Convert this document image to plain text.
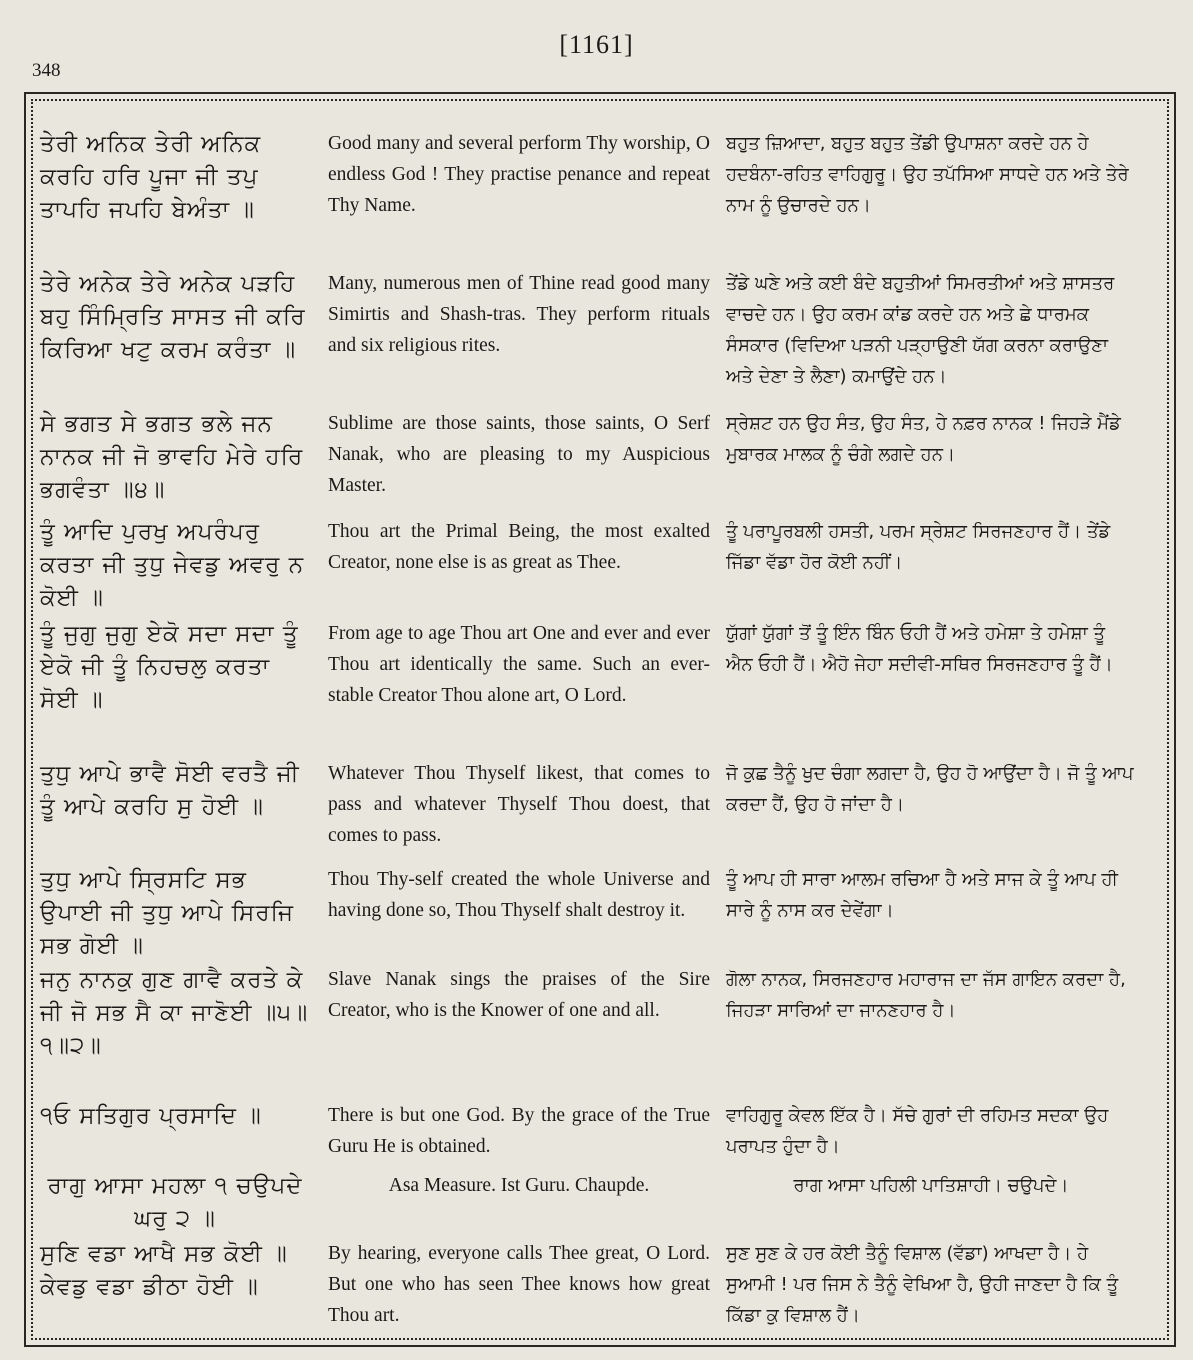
[1161]
348
ਤੇਰੀ ਅਨਿਕ ਤੇਰੀ ਅਨਿਕ ਕਰਹਿ ਹਰਿ ਪੂਜਾ ਜੀ ਤਪੁ ਤਾਪਹਿ ਜਪਹਿ ਬੇਅੰਤਾ ॥
Good many and several perform Thy worship, O endless God ! They practise penance and repeat Thy Name.
ਬਹੁਤ ਜ਼ਿਆਦਾ, ਬਹੁਤ ਬਹੁਤ ਤੇਂਡੀ ਉਪਾਸ਼ਨਾ ਕਰਦੇ ਹਨ ਹੇ ਹਦਬੰਨਾ-ਰਹਿਤ ਵਾਹਿਗੁਰੂ। ਉਹ ਤਪੱਸਿਆ ਸਾਧਦੇ ਹਨ ਅਤੇ ਤੇਰੇ ਨਾਮ ਨੂੰ ਉਚਾਰਦੇ ਹਨ।
ਤੇਰੇ ਅਨੇਕ ਤੇਰੇ ਅਨੇਕ ਪੜਹਿ ਬਹੁ ਸਿੰਮ੍ਰਿਤਿ ਸਾਸਤ ਜੀ ਕਰਿ ਕਿਰਿਆ ਖਟੁ ਕਰਮ ਕਰੰਤਾ ॥
Many, numerous men of Thine read good many Simirtis and Shash-tras. They perform rituals and six religious rites.
ਤੇਂਡੇ ਘਣੇ ਅਤੇ ਕਈ ਬੰਦੇ ਬਹੁਤੀਆਂ ਸਿਮਰਤੀਆਂ ਅਤੇ ਸ਼ਾਸਤਰ ਵਾਚਦੇ ਹਨ। ਉਹ ਕਰਮ ਕਾਂਡ ਕਰਦੇ ਹਨ ਅਤੇ ਛੇ ਧਾਰਮਕ ਸੰਸਕਾਰ (ਵਿਦਿਆ ਪੜਨੀ ਪੜ੍ਹਾਉਣੀ ਯੱਗ ਕਰਨਾ ਕਰਾਉਣਾ ਅਤੇ ਦੇਣਾ ਤੇ ਲੈਣਾ) ਕਮਾਉਂਦੇ ਹਨ।
ਸੇ ਭਗਤ ਸੇ ਭਗਤ ਭਲੇ ਜਨ ਨਾਨਕ ਜੀ ਜੋ ਭਾਵਹਿ ਮੇਰੇ ਹਰਿ ਭਗਵੰਤਾ ॥੪॥
Sublime are those saints, those saints, O Serf Nanak, who are pleasing to my Auspicious Master.
ਸ੍ਰੇਸ਼ਟ ਹਨ ਉਹ ਸੰਤ, ਉਹ ਸੰਤ, ਹੇ ਨਫ਼ਰ ਨਾਨਕ ! ਜਿਹੜੇ ਮੈਂਡੇ ਮੁਬਾਰਕ ਮਾਲਕ ਨੂੰ ਚੰਗੇ ਲਗਦੇ ਹਨ।
ਤੂੰ ਆਦਿ ਪੁਰਖੁ ਅਪਰੰਪਰੁ ਕਰਤਾ ਜੀ ਤੁਧੁ ਜੇਵਡੁ ਅਵਰੁ ਨ ਕੋਈ ॥
Thou art the Primal Being, the most exalted Creator, none else is as great as Thee.
ਤੂੰ ਪਰਾਪੂਰਬਲੀ ਹਸਤੀ, ਪਰਮ ਸ੍ਰੇਸ਼ਟ ਸਿਰਜਣਹਾਰ ਹੈਂ। ਤੇਂਡੇ ਜਿੱਡਾ ਵੱਡਾ ਹੋਰ ਕੋਈ ਨਹੀਂ।
ਤੂੰ ਜੁਗੁ ਜੁਗੁ ਏਕੋ ਸਦਾ ਸਦਾ ਤੂੰ ਏਕੋ ਜੀ ਤੂੰ ਨਿਹਚਲੁ ਕਰਤਾ ਸੋਈ ॥
From age to age Thou art One and ever and ever Thou art identically the same. Such an ever-stable Creator Thou alone art, O Lord.
ਯੁੱਗਾਂ ਯੁੱਗਾਂ ਤੋਂ ਤੂੰ ਇੰਨ ਬਿੰਨ ਓਹੀ ਹੈਂ ਅਤੇ ਹਮੇਸ਼ਾ ਤੇ ਹਮੇਸ਼ਾ ਤੂੰ ਐਨ ਓਹੀ ਹੈਂ। ਐਹੋ ਜੇਹਾ ਸਦੀਵੀ-ਸਥਿਰ ਸਿਰਜਣਹਾਰ ਤੂੰ ਹੈਂ।
ਤੁਧੁ ਆਪੇ ਭਾਵੈ ਸੋਈ ਵਰਤੈ ਜੀ ਤੂੰ ਆਪੇ ਕਰਹਿ ਸੁ ਹੋਈ ॥
Whatever Thou Thyself likest, that comes to pass and whatever Thyself Thou doest, that comes to pass.
ਜੋ ਕੁਛ ਤੈਨੂੰ ਖੁਦ ਚੰਗਾ ਲਗਦਾ ਹੈ, ਉਹ ਹੋ ਆਉਂਦਾ ਹੈ। ਜੋ ਤੂੰ ਆਪ ਕਰਦਾ ਹੈਂ, ਉਹ ਹੋ ਜਾਂਦਾ ਹੈ।
ਤੁਧੁ ਆਪੇ ਸ੍ਰਿਸਟਿ ਸਭ ਉਪਾਈ ਜੀ ਤੁਧੁ ਆਪੇ ਸਿਰਜਿ ਸਭ ਗੋਈ ॥
Thou Thy-self created the whole Universe and having done so, Thou Thyself shalt destroy it.
ਤੂੰ ਆਪ ਹੀ ਸਾਰਾ ਆਲਮ ਰਚਿਆ ਹੈ ਅਤੇ ਸਾਜ ਕੇ ਤੂੰ ਆਪ ਹੀ ਸਾਰੇ ਨੂੰ ਨਾਸ ਕਰ ਦੇਵੇਂਗਾ।
ਜਨੁ ਨਾਨਕੁ ਗੁਣ ਗਾਵੈ ਕਰਤੇ ਕੇ ਜੀ ਜੋ ਸਭ ਸੈ ਕਾ ਜਾਣੋਈ ॥੫॥੧॥੨॥
Slave Nanak sings the praises of the Sire Creator, who is the Knower of one and all.
ਗੋਲਾ ਨਾਨਕ, ਸਿਰਜਣਹਾਰ ਮਹਾਰਾਜ ਦਾ ਜੱਸ ਗਾਇਨ ਕਰਦਾ ਹੈ, ਜਿਹੜਾ ਸਾਰਿਆਂ ਦਾ ਜਾਨਣਹਾਰ ਹੈ।
੧ਓ ਸਤਿਗੁਰ ਪ੍ਰਸਾਦਿ ॥	There is but one God. By the grace of the True Guru He is obtained.
ਵਾਹਿਗੁਰੂ ਕੇਵਲ ਇੱਕ ਹੈ। ਸੱਚੇ ਗੁਰਾਂ ਦੀ ਰਹਿਮਤ ਸਦਕਾ ਉਹ ਪਰਾਪਤ ਹੁੰਦਾ ਹੈ।
ਰਾਗੁ ਆਸਾ ਮਹਲਾ ੧ ਚਉਪਦੇ ਘਰੁ ੨ ॥
Asa Measure. Ist Guru. Chaupde.	ਰਾਗ ਆਸਾ ਪਹਿਲੀ ਪਾਤਿਸ਼ਾਹੀ। ਚਉਪਦੇ।
ਸੁਣਿ ਵਡਾ ਆਖੈ ਸਭ ਕੋਈ ॥ ਕੇਵਡੁ ਵਡਾ ਡੀਠਾ ਹੋਈ ॥
By hearing, everyone calls Thee great, O Lord. But one who has seen Thee knows how great Thou art.
ਸੁਣ ਸੁਣ ਕੇ ਹਰ ਕੋਈ ਤੈਨੂੰ ਵਿਸ਼ਾਲ (ਵੱਡਾ) ਆਖਦਾ ਹੈ। ਹੇ ਸੁਆਮੀ ! ਪਰ ਜਿਸ ਨੇ ਤੈਨੂੰ ਵੇਖਿਆ ਹੈ, ਉਹੀ ਜਾਣਦਾ ਹੈ ਕਿ ਤੂੰ ਕਿੱਡਾ ਕੁ ਵਿਸ਼ਾਲ ਹੈਂ।
